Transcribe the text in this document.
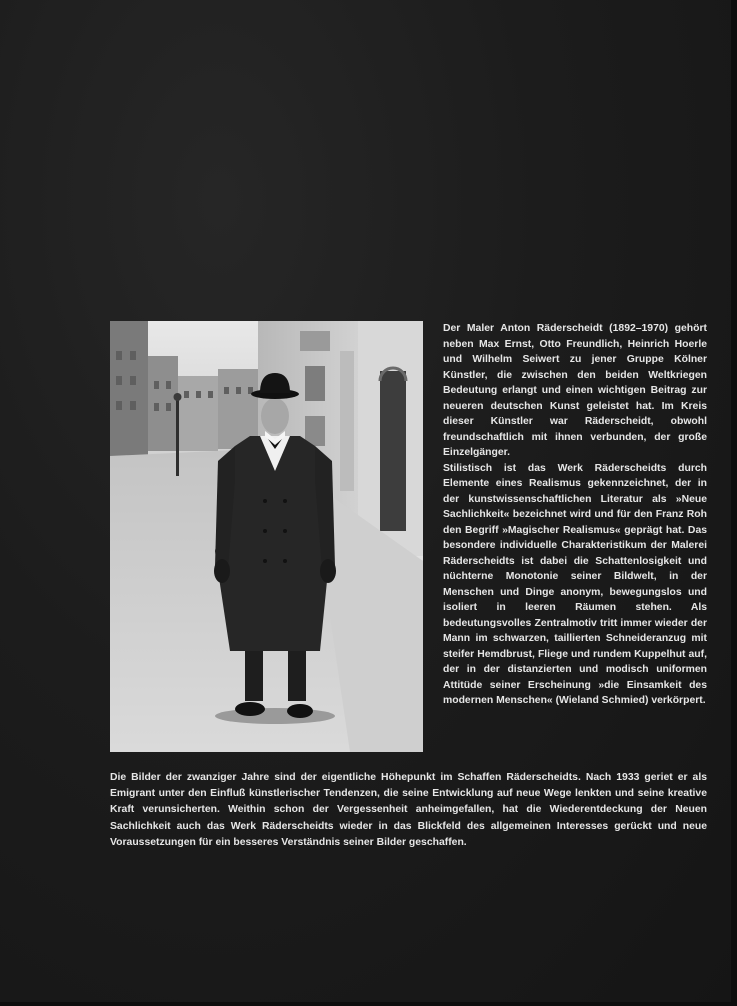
Der Maler Anton Räderscheidt (1892–1970) gehört neben Max Ernst, Otto Freundlich, Heinrich Hoerle und Wilhelm Seiwert zu jener Gruppe Kölner Künstler, die zwischen den beiden Weltkriegen Bedeutung erlangt und einen wichtigen Beitrag zur neueren deutschen Kunst geleistet hat. Im Kreis dieser Künstler war Räderscheidt, obwohl freundschaftlich mit ihnen verbunden, der große Einzelgänger.

Stilistisch ist das Werk Räderscheidts durch Elemente eines Realismus gekennzeichnet, der in der kunstwissenschaftlichen Literatur als »Neue Sachlichkeit« bezeichnet wird und für den Franz Roh den Begriff »Magischer Realismus« geprägt hat. Das besondere individuelle Charakteristikum der Malerei Räderscheidts ist dabei die Schattenlosigkeit und nüchterne Monotonie seiner Bildwelt, in der Menschen und Dinge anonym, bewegungslos und isoliert in leeren Räumen stehen. Als bedeutungsvolles Zentralmotiv tritt immer wieder der Mann im schwarzen, taillierten Schneideranzug mit steifer Hemdbrust, Fliege und rundem Kuppelhut auf, der in der distanzierten und modisch uniformen Attitüde seiner Erscheinung »die Einsamkeit des modernen Menschen« (Wieland Schmied) verkörpert.

Die Bilder der zwanziger Jahre sind der eigentliche Höhepunkt im Schaffen Räderscheidts. Nach 1933 geriet er als Emigrant unter den Einfluß künstlerischer Tendenzen, die seine Entwicklung auf neue Wege lenkten und seine kreative Kraft verunsicherten. Weithin schon der Vergessenheit anheimgefallen, hat die Wiederentdeckung der Neuen Sachlichkeit auch das Werk Räderscheidts wieder in das Blickfeld des allgemeinen Interesses gerückt und neue Voraussetzungen für ein besseres Verständnis seiner Bilder geschaffen.
